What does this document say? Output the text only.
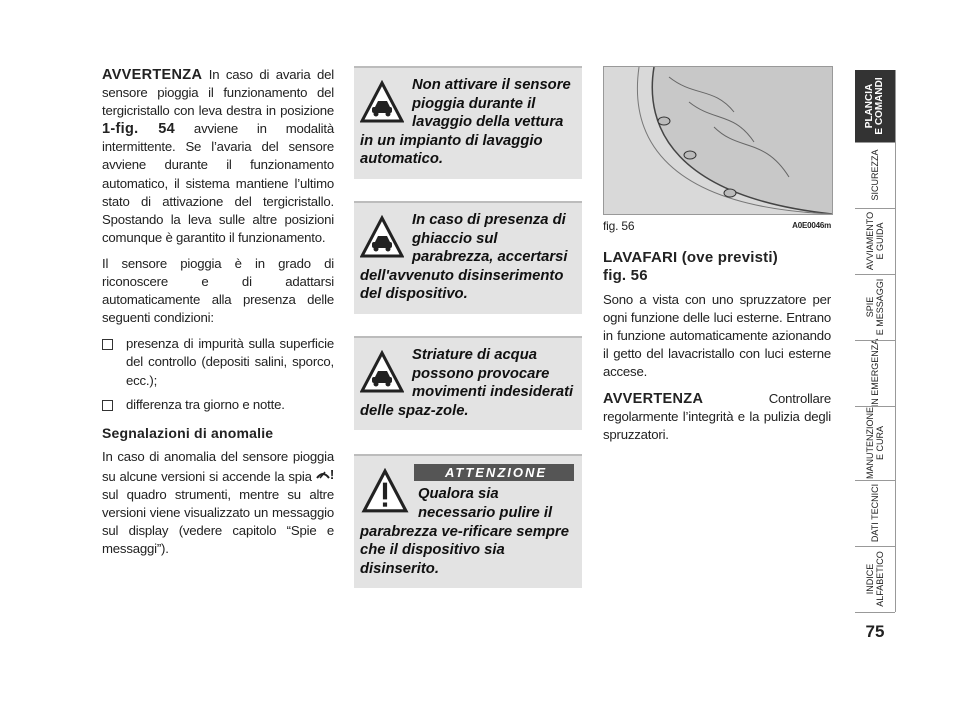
AVVERTENZA In caso di avaria del sensore pioggia il funzionamento del tergicristallo con leva destra in posizione 1-fig. 54 avviene in modalità intermittente. Se l’avaria del sensore avviene durante il funzionamento automatico, il sistema mantiene l’ultimo stato di attivazione del tergicristallo. Spostando la leva sulle altre posizioni comunque è garantito il funzionamento.

Il sensore pioggia è in grado di riconoscere e di adattarsi automaticamente alla presenza delle seguenti condizioni:

presenza di impurità sulla superficie del controllo (depositi salini, sporco, ecc.);
differenza tra giorno e notte.
Segnalazioni di anomalie

In caso di anomalia del sensore pioggia su alcune versioni si accende la spia !
sul quadro strumenti, mentre su altre versioni viene visualizzato un messaggio sul display (vedere capitolo “Spie e messaggi”).

Non attivare il sensore pioggia durante il lavaggio della vettura in un impianto di lavaggio automatico.
In caso di presenza di ghiaccio sul parabrezza, accertarsi dell'avvenuto disinserimento del dispositivo.
Striature di acqua possono provocare movimenti indesiderati delle spaz-zole.
ATTENZIONE
Qualora sia necessario pulire il parabrezza ve-rificare sempre che il dispositivo sia disinserito.
fig. 56	A0E0046m
LAVAFARI (ove previsti)
fig. 56

Sono a vista con uno spruzzatore per ogni funzione delle luci esterne. Entrano in funzione automaticamente azionando il getto del lavacristallo con luci esterne accese.

AVVERTENZA Controllare regolarmente l’integrità e la pulizia degli spruzzatori.

PLANCIA
E COMANDI
SICUREZZA
AVVIAMENTO
E GUIDA
SPIE
E MESSAGGI
IN EMERGENZA
MANUTENZIONE
E CURA
DATI TECNICI
INDICE
ALFABETICO
75
